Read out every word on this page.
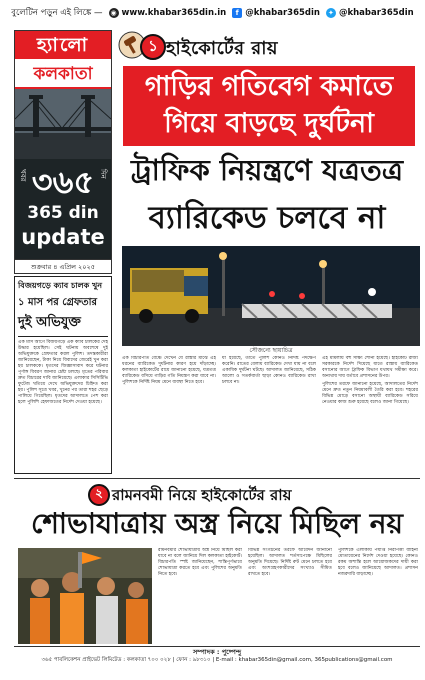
বুলেটিন পড়ুন এই লিঙ্কে — ◉ www.khabar365din.in	f @khabar365din ✦ @khabar365din
হ্যালো
কলকাতা
খবর ৩৬৫ দিন
365 din
update
শুক্রবার ৪ এপ্রিল ২০২৫
১ হাইকোর্টের রায়
গাড়ির গতিবেগ কমাতে
গিয়ে বাড়ছে দুর্ঘটনা
ট্রাফিক নিয়ন্ত্রণে যত্রতত্র
ব্যারিকেড চলবে না
সৌজন্যে ছায়াচিত্র
বিজয়গড়ে ক্যাব চালক খুন
১ মাস পর গ্রেফতার
দুই অভিযুক্ত

এক মাস আগে বিজয়গড়ে এক ক্যাব চালকের দেহ উদ্ধার হয়েছিল। সেই ঘটনায় অবশেষে দুই অভিযুক্তকে গ্রেফতার করল পুলিশ। তদন্তকারীরা জানিয়েছেন, টাকা নিয়ে বিবাদের জেরেই খুন করা হয় চালককে। ধৃতদের জিজ্ঞাসাবাদ করে ঘটনার পূর্ণাঙ্গ বিবরণ জানার চেষ্টা চলছে। মৃতের পরিবার দ্রুত বিচারের দাবি জানিয়েছে। এলাকার সিসিটিভি ফুটেজ খতিয়ে দেখে অভিযুক্তদের চিহ্নিত করা হয়। পুলিশ সূত্রে খবর, খুনের পর তারা শহর ছেড়ে পালিয়ে গিয়েছিল। ধৃতদের আদালতে পেশ করা হলে পুলিশি হেফাজতের নির্দেশ দেওয়া হয়েছে।

এক বিচারপতি বেঞ্চে দেখেন যে রাস্তার মাঝে এই ধরনের ব্যারিকেড দুর্ঘটনার কারণ হয়ে দাঁড়াচ্ছে। কলকাতা হাইকোর্টের রায়ে জানানো হয়েছে, যত্রতত্র ব্যারিকেড বসিয়ে গাড়ির গতি নিয়ন্ত্রণ করা যাবে না। পুলিশকে নির্দিষ্ট নিয়ম মেনে ব্যবস্থা নিতে হবে।

যা হয়েছে, তাতে পুলিশ কোনও নির্দিষ্ট পদক্ষেপ করেনি। রাতের বেলায় ব্যারিকেড দেখা যায় না বলে একাধিক দুর্ঘটনা ঘটছে। আদালত জানিয়েছে, সঠিক আলো ও সতর্কবার্তা ছাড়া কোনও ব্যারিকেড রাখা চলবে না।

এই মামলায় বহু সাক্ষ্য শোনা হয়েছে। হাইকোর্ট রাজ্য সরকারকে নির্দেশ দিয়েছে যাতে রাস্তায় ব্যারিকেড বসানোর আগে ট্রাফিক বিভাগ যথাযথ সমীক্ষা করে। অন্যথায় দায় বর্তাবে প্রশাসনের উপর।

পুলিশের তরফে জানানো হয়েছে, আদালতের নির্দেশ মেনে দ্রুত নতুন নিয়মাবলী তৈরি করা হবে। শহরের বিভিন্ন মোড়ে বসানো অস্থায়ী ব্যারিকেড সরিয়ে নেওয়ার কাজ শুরু হয়েছে বলেও জানা গিয়েছে।

২ রামনবমী নিয়ে হাইকোর্টের রায়
শোভাযাত্রায় অস্ত্র নিয়ে মিছিল নয়

রামনবমীর শোভাযাত্রায় অস্ত্র নিয়ে মিছিল করা যাবে না বলে জানিয়ে দিল কলকাতা হাইকোর্ট। বিচারপতি স্পষ্ট জানিয়েছেন, শান্তিপূর্ণভাবে শোভাযাত্রা করতে হবে এবং পুলিশের অনুমতি নিতে হবে।

বিভিন্ন সংগঠনের তরফে আবেদন জানানো হয়েছিল। আদালত শর্তসাপেক্ষে মিছিলের অনুমতি দিয়েছে। নির্দিষ্ট রুট মেনে চলতে হবে এবং অংশগ্রহণকারীদের সংখ্যাও সীমিত রাখতে হবে।

পুলিশকে এলাকায় পর্যাপ্ত নিরাপত্তা বাহিনী মোতায়েনের নির্দেশ দেওয়া হয়েছে। কোনও রকম অশান্তি হলে আয়োজকদের দায়ী করা হবে বলেও জানিয়েছে আদালত। প্রশাসন নজরদারি বাড়াচ্ছে।

সম্পাদক : পুষ্পেন্দু
৩৬৫ পাবলিকেশন প্রাইভেট লিমিটেড : কলকাতা ৭০০ ০২৮ | ফোন : ৯৮৩১০ | E-mail : khabar365din@gmail.com, 365publications@gmail.com
